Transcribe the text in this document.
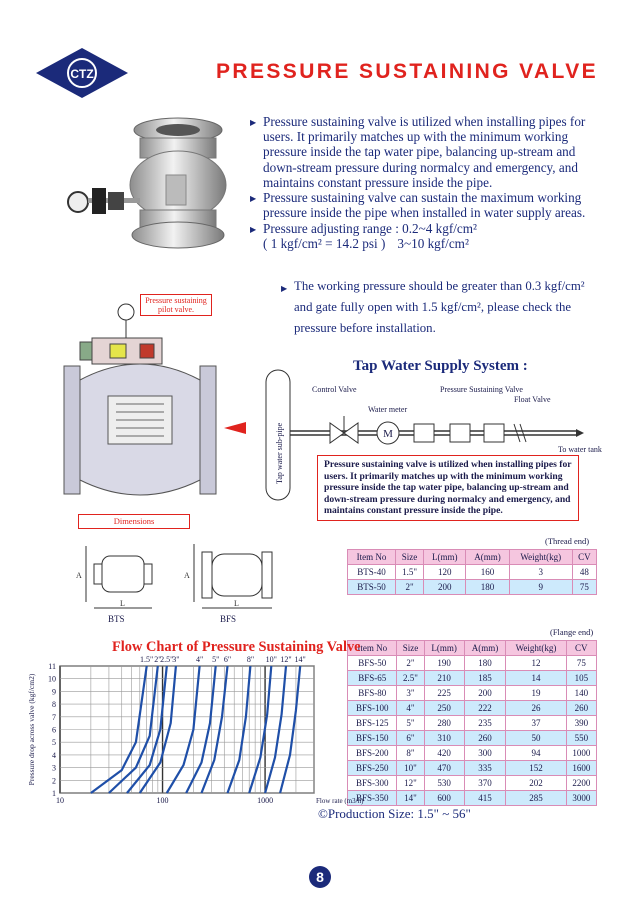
CTZ	PRESSURE SUSTAINING VALVE
▶ Pressure sustaining valve is utilized when installing pipes for users. It primarily matches up with the minimum working pressure inside the tap water pipe, balancing up-stream and down-stream pressure during normalcy and emergency, and maintains constant pressure inside the pipe.
▶ Pressure sustaining valve can sustain the maximum working pressure inside the pipe when installed in water supply areas.
▶ Pressure adjusting range : 0.2~4 kgf/cm²
( 1 kgf/cm² = 14.2 psi ) 3~10 kgf/cm²
▶ The working pressure should be greater than 0.3 kgf/cm² and gate fully open with 1.5 kgf/cm², please check the pressure before installation.
Pressure sustaining pilot valve.
Tap Water Supply System :
Tap water sub-pipe
Control Valve
Water meter
M
Pressure Sustaining Valve
Float Valve
To water tank
Pressure sustaining valve is utilized when installing pipes for users. It primarily matches up with the minimum working pressure inside the tap water pipe, balancing up-stream and down-stream pressure during normalcy and emergency, and maintains constant pressure inside the pipe.
Dimensions
A
L
A
L
BTS	BFS
(Thread end)
Item No	Size	L(mm)	A(mm)	Weight(kg)	CV
BTS-40	1.5"	120	160	3	48
BTS-50	2"	200	180	9	75
(Flange end)
Item No	Size	L(mm)	A(mm)	Weight(kg)	CV
BFS-50	2"	190	180	12	75
BFS-65	2.5"	210	185	14	105
BFS-80	3"	225	200	19	140
BFS-100	4"	250	222	26	260
BFS-125	5"	280	235	37	390
BFS-150	6"	310	260	50	550
BFS-200	8"	420	300	94	1000
BFS-250	10"	470	335	152	1600
BFS-300	12"	530	370	202	2200
BFS-350	14"	600	415	285	3000
Flow Chart of Pressure Sustaining Valve
1
2
3
4
5
6
7
8
9
10
11
10	100	1000
1.5" 2"
2.5"
3" 4" 5" 6" 8" 10" 12" 14"
Flow rate (m3/h)
Pressure drop across valve (kgf/cm2)
©Production Size: 1.5" ~ 56"
8
